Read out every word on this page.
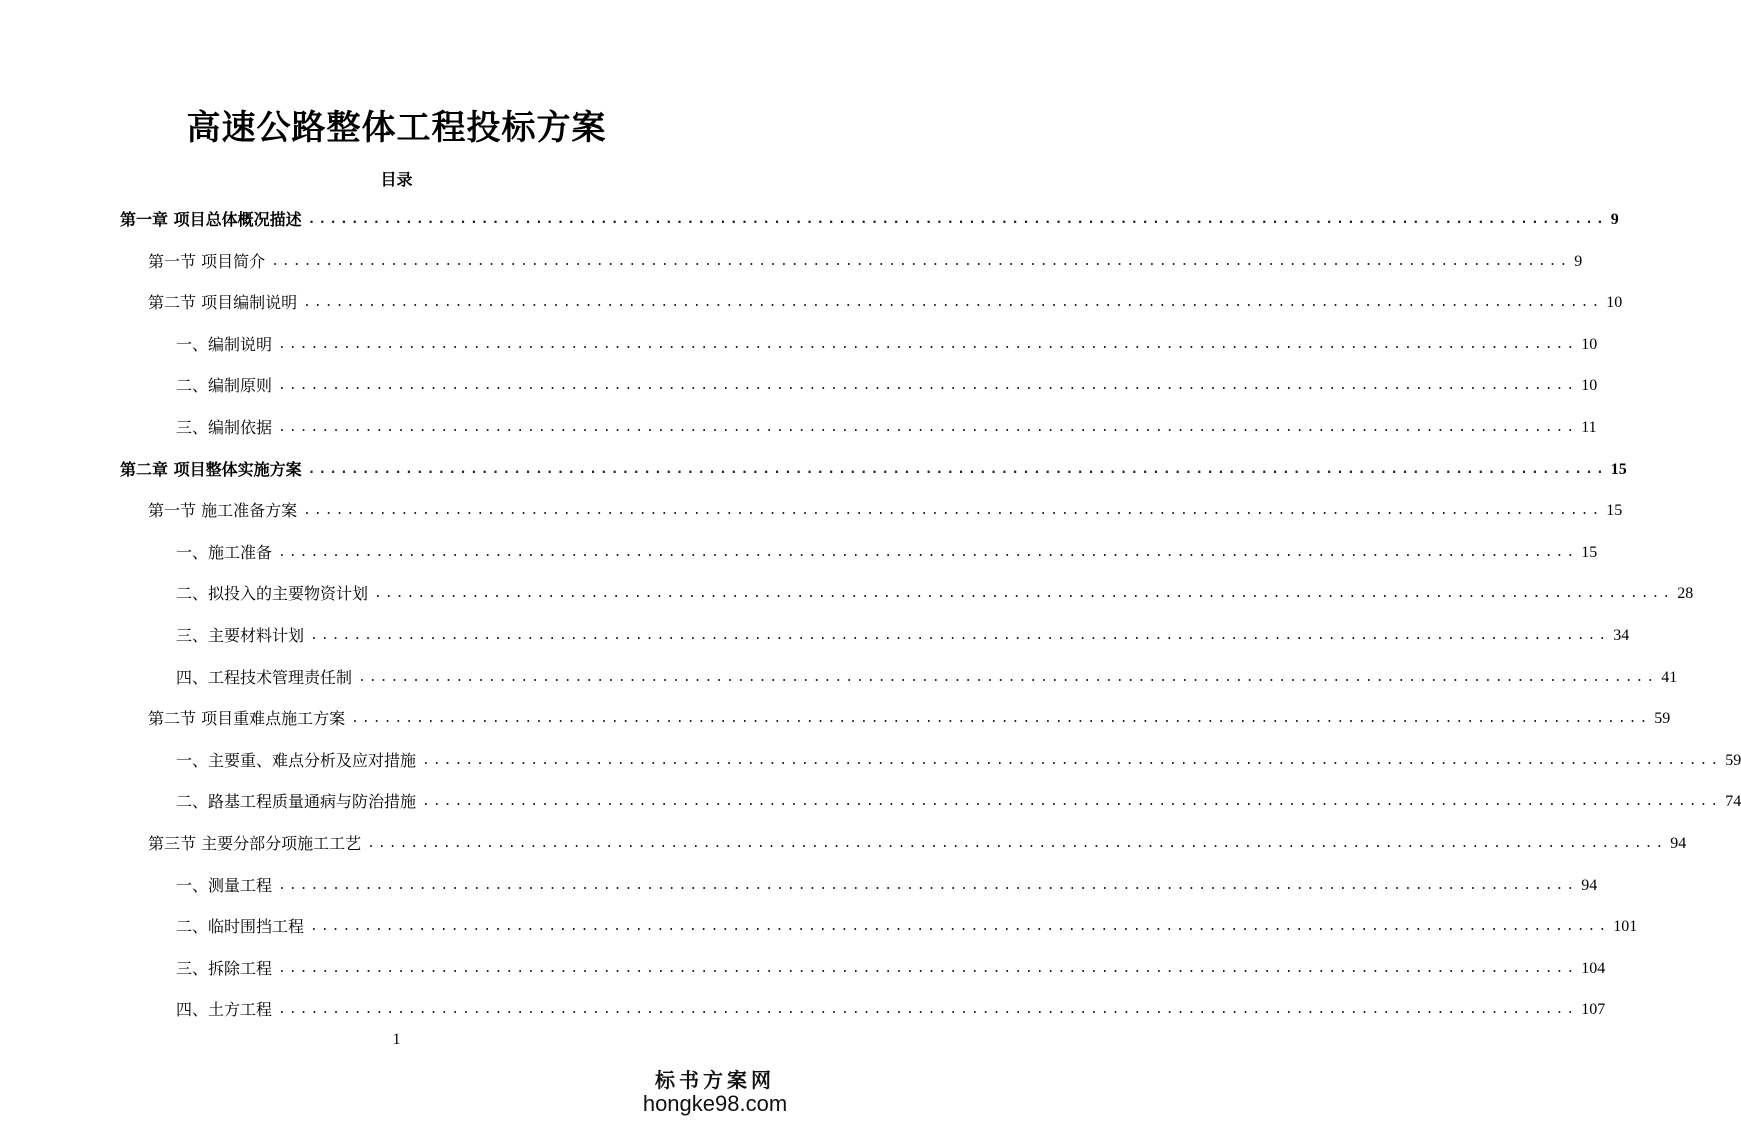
高速公路整体工程投标方案
目录
第一章 项目总体概况描述 ........................................................................................................................ 9
第一节 项目简介 ........................................................................................................................ 9
第二节 项目编制说明 ........................................................................................................................ 10
一、编制说明 ........................................................................................................................ 10
二、编制原则 ........................................................................................................................ 10
三、编制依据 ........................................................................................................................ 11
第二章 项目整体实施方案 ........................................................................................................................ 15
第一节 施工准备方案 ........................................................................................................................ 15
一、施工准备 ........................................................................................................................ 15
二、拟投入的主要物资计划 ........................................................................................................................ 28
三、主要材料计划 ........................................................................................................................ 34
四、工程技术管理责任制 ........................................................................................................................ 41
第二节 项目重难点施工方案 ........................................................................................................................ 59
一、主要重、难点分析及应对措施 ........................................................................................................................ 59
二、路基工程质量通病与防治措施 ........................................................................................................................ 74
第三节 主要分部分项施工工艺 ........................................................................................................................ 94
一、测量工程 ........................................................................................................................ 94
二、临时围挡工程 ........................................................................................................................ 101
三、拆除工程 ........................................................................................................................ 104
四、土方工程 ........................................................................................................................ 107
1
标书方案网
hongke98.com
